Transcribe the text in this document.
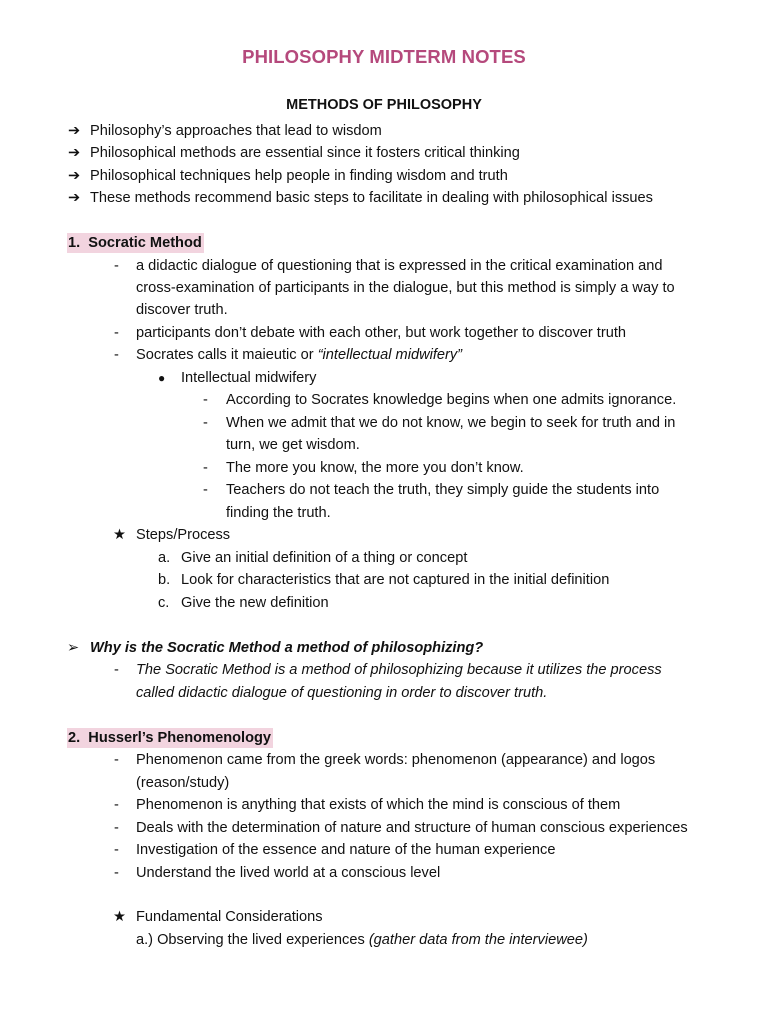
PHILOSOPHY MIDTERM NOTES
METHODS OF PHILOSOPHY
➔ Philosophy’s approaches that lead to wisdom
➔ Philosophical methods are essential since it fosters critical thinking
➔ Philosophical techniques help people in finding wisdom and truth
➔ These methods recommend basic steps to facilitate in dealing with philosophical issues
1. Socratic Method
- a didactic dialogue of questioning that is expressed in the critical examination and
cross-examination of participants in the dialogue, but this method is simply a way to
discover truth.
- participants don’t debate with each other, but work together to discover truth
- Socrates calls it maieutic or “intellectual midwifery”
● Intellectual midwifery
- According to Socrates knowledge begins when one admits ignorance.
- When we admit that we do not know, we begin to seek for truth and in
turn, we get wisdom.
- The more you know, the more you don’t know.
- Teachers do not teach the truth, they simply guide the students into
finding the truth.
★ Steps/Process
a. Give an initial definition of a thing or concept
b. Look for characteristics that are not captured in the initial definition
c. Give the new definition
➢ Why is the Socratic Method a method of philosophizing?
- The Socratic Method is a method of philosophizing because it utilizes the process
called didactic dialogue of questioning in order to discover truth.
2. Husserl’s Phenomenology
- Phenomenon came from the greek words: phenomenon (appearance) and logos
(reason/study)
- Phenomenon is anything that exists of which the mind is conscious of them
- Deals with the determination of nature and structure of human conscious experiences
- Investigation of the essence and nature of the human experience
- Understand the lived world at a conscious level
★ Fundamental Considerations
a.) Observing the lived experiences (gather data from the interviewee)
